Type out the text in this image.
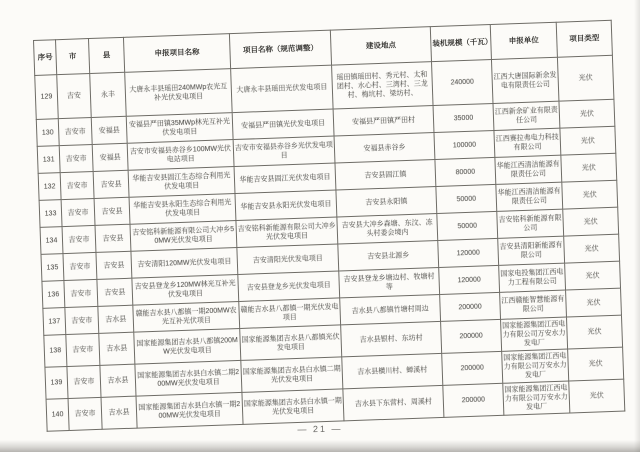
序号	市	县	申报项目名称	项目名称（规范调整）	建设地点	装机规模（千瓦）	申报单位	项目类型
129	吉安	永丰	大唐永丰县瑶田240MWp农光互补光伏发电项目	大唐永丰县瑶田光伏发电项目	瑶田镇瑶田村、秀元村、太和团村、水心村、三湾村、三龙村、梅坑村、梁坊村、	240000	江西大唐国际新余发电有限责任公司	光伏
130	吉安市	安福县	安福县严田镇35MWp林光互补光伏发电项目	安福县严田镇光伏发电项目	安福县严田镇严田村	35000	江西新余矿业有限责任公司	光伏
131	吉安市	安福县	吉安市安福县赤谷乡100MW光伏电站项目	吉安市安福县赤谷乡光伏发电项目	安福县赤谷乡	100000	江西赛拉弗电力科技有限公司	光伏
132	吉安市	吉安县	华能吉安县固江生态综合利用光伏发电项目	华能吉安县固江光伏发电项目	吉安县固江镇	80000	华能江西清洁能源有限责任公司	光伏
133	吉安市	吉安县	华能吉安县永阳生态综合利用光伏发电项目	华能吉安县永阳光伏发电项目	吉安县永阳镇	50000	华能江西清洁能源有限责任公司	光伏
134	吉安市	吉安县	吉安铭科新能源有限公司大冲乡50MW光伏发电项目	吉安铭科新能源有限公司大冲乡光伏发电项目	吉安县大冲乡森塘、东汶、冻头村委会境内	50000	吉安铭科新能源有限公司	光伏
135	吉安市	吉安县	吉安清阳120MW光伏发电项目	吉安清阳光伏发电项目	吉安县北源乡	120000	吉安县清阳新能源有限公司	光伏
136	吉安市	吉安县	吉安县登龙乡120MW林光互补光伏发电项目	吉安县登龙乡光伏发电项目	吉安县登龙乡塘边村、牧塘村等	120000	国家电投集团江西电力工程有限公司	光伏
137	吉安市	吉水县	赣能吉水县八都镇一期200MW农光互补光伏项目	赣能吉水县八都镇一期光伏发电项目	吉水县八都镇竹塘村周边	200000	江西赣能智慧能源有限公司	光伏
138	吉安市	吉水县	国家能源集团吉水县八都镇200MW光伏发电项目	国家能源集团吉水县八都镇光伏发电项目	吉水县银村、东坊村	200000	国家能源集团江西电力有限公司万安水力发电厂	光伏
139	吉安市	吉水县	国家能源集团吉水县白水镇二期200MW光伏发电项目	国家能源集团吉水县白水镇二期光伏发电项目	吉水县横川村、蝉溪村	200000	国家能源集团江西电力有限公司万安水力发电厂	光伏
140	吉安市	吉水县	国家能源集团吉水县白水镇一期200MW光伏发电项目	国家能源集团吉水县白水镇一期光伏发电项目	吉水县下东营村、周溪村	200000	国家能源集团江西电力有限公司万安水力发电厂	光伏
— 21 —
